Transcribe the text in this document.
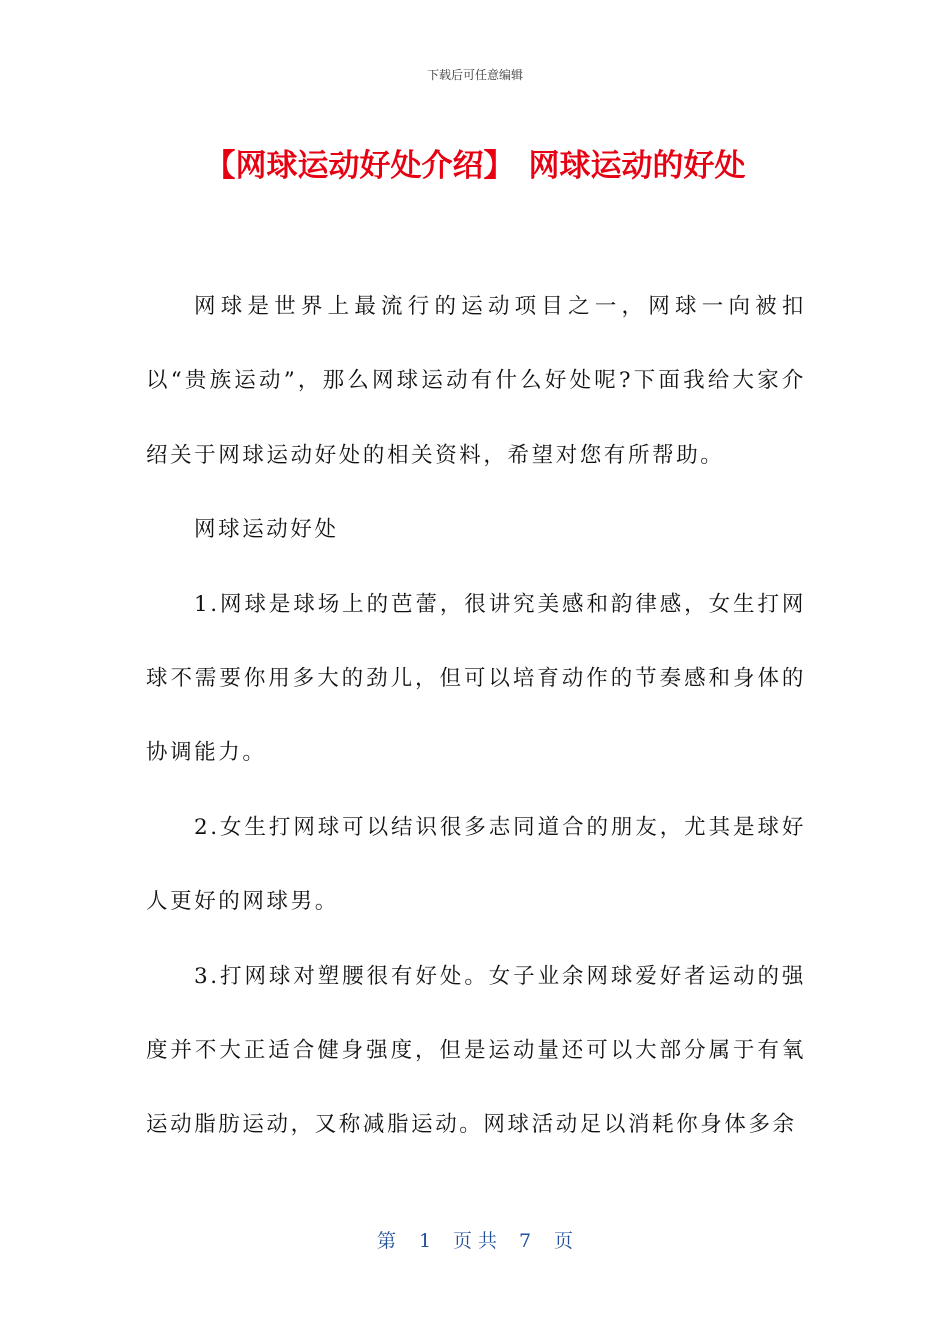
下载后可任意编辑
【网球运动好处介绍】 网球运动的好处

网球是世界上最流行的运动项目之一，网球一向被扣以“贵族运动”，那么网球运动有什么好处呢?下面我给大家介绍关于网球运动好处的相关资料，希望对您有所帮助。

网球运动好处

1.网球是球场上的芭蕾，很讲究美感和韵律感，女生打网球不需要你用多大的劲儿，但可以培育动作的节奏感和身体的协调能力。

2.女生打网球可以结识很多志同道合的朋友，尤其是球好人更好的网球男。

3.打网球对塑腰很有好处。女子业余网球爱好者运动的强度并不大正适合健身强度，但是运动量还可以大部分属于有氧运动脂肪运动，又称减脂运动。网球活动足以消耗你身体多余

第 1 页 共 7 页
